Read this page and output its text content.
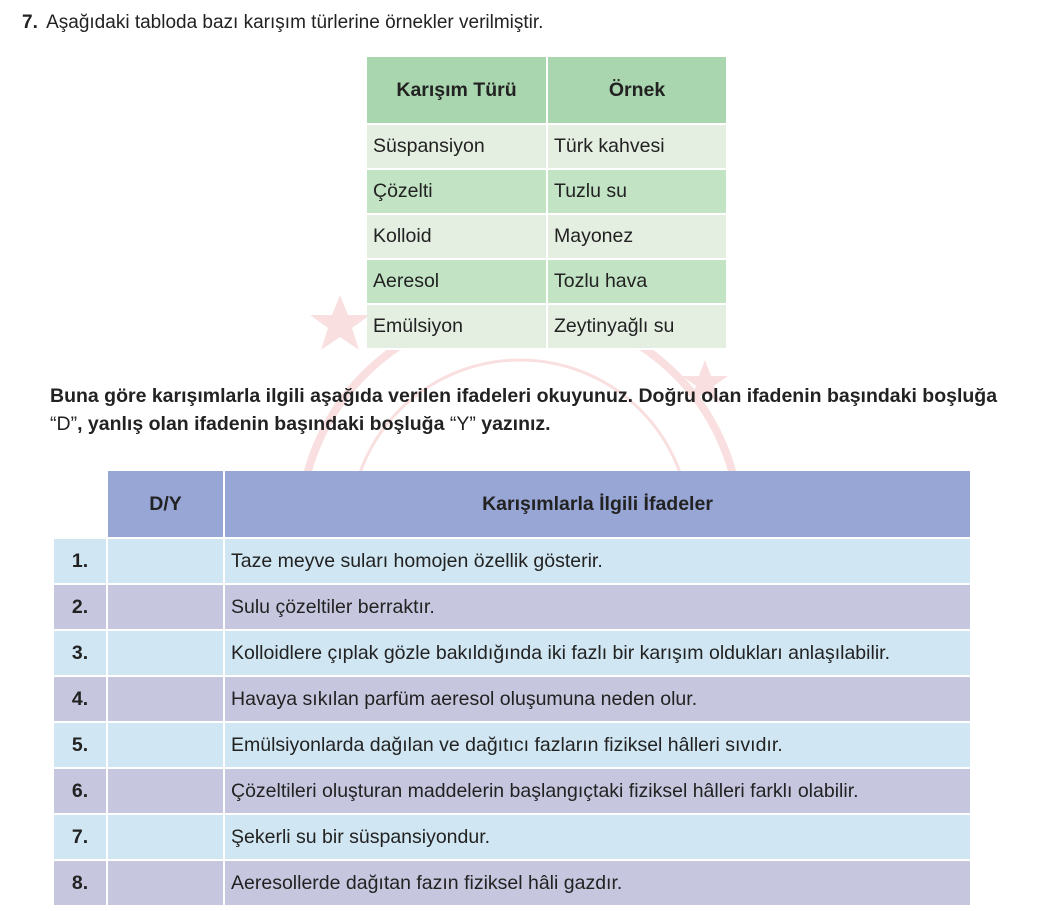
7. Aşağıdaki tabloda bazı karışım türlerine örnekler verilmiştir.
Karışım Türü	Örnek
Süspansiyon	Türk kahvesi
Çözelti	Tuzlu su
Kolloid	Mayonez
Aeresol	Tozlu hava
Emülsiyon	Zeytinyağlı su
Buna göre karışımlarla ilgili aşağıda verilen ifadeleri okuyunuz. Doğru olan ifadenin başındaki boşluğa “D”, yanlış olan ifadenin başındaki boşluğa “Y” yazınız.
	D/Y	Karışımlarla İlgili İfadeler
1.		Taze meyve suları homojen özellik gösterir.
2.		Sulu çözeltiler berraktır.
3.		Kolloidlere çıplak gözle bakıldığında iki fazlı bir karışım oldukları anlaşılabilir.
4.		Havaya sıkılan parfüm aeresol oluşumuna neden olur.
5.		Emülsiyonlarda dağılan ve dağıtıcı fazların fiziksel hâlleri sıvıdır.
6.		Çözeltileri oluşturan maddelerin başlangıçtaki fiziksel hâlleri farklı olabilir.
7.		Şekerli su bir süspansiyondur.
8.		Aeresollerde dağıtan fazın fiziksel hâli gazdır.
